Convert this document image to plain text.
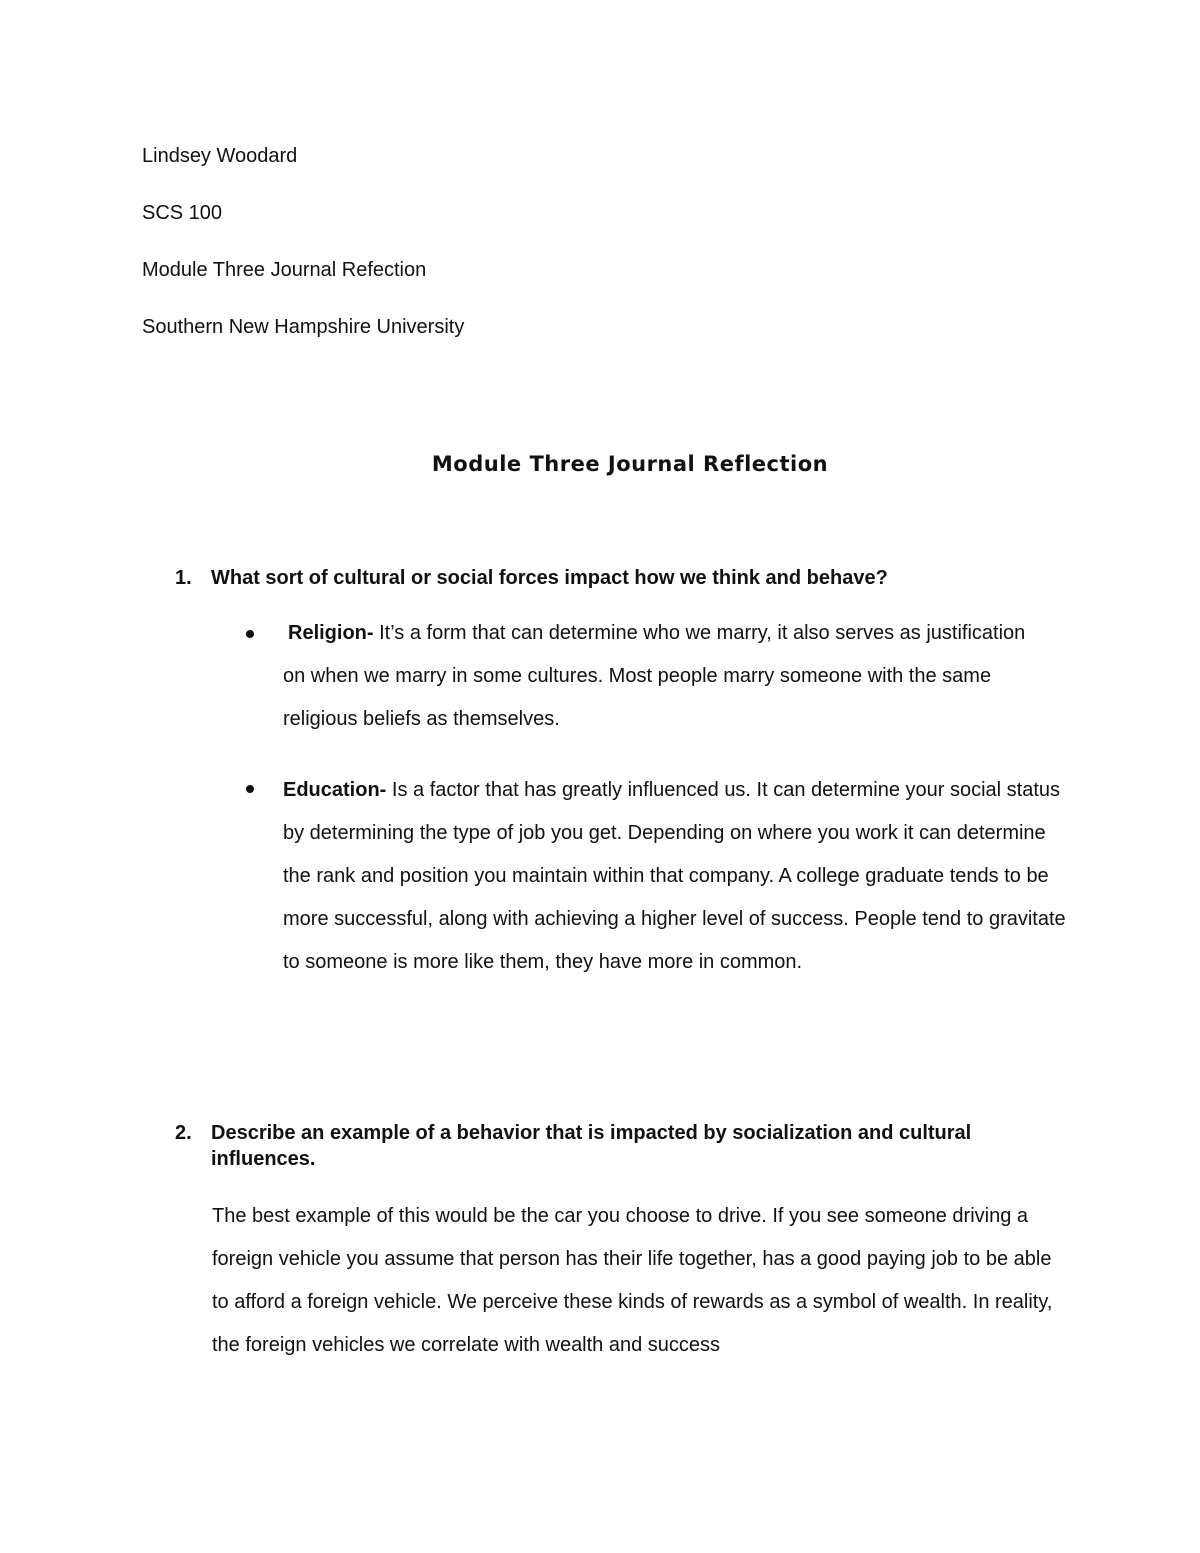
Lindsey Woodard
SCS 100
Module Three Journal Refection
Southern New Hampshire University
Module Three Journal Reflection
1. What sort of cultural or social forces impact how we think and behave?
Religion- It’s a form that can determine who we marry, it also serves as justification on when we marry in some cultures. Most people marry someone with the same religious beliefs as themselves.
Education- Is a factor that has greatly influenced us. It can determine your social status by determining the type of job you get. Depending on where you work it can determine the rank and position you maintain within that company. A college graduate tends to be more successful, along with achieving a higher level of success. People tend to gravitate to someone is more like them, they have more in common.
2. Describe an example of a behavior that is impacted by socialization and cultural influences.
The best example of this would be the car you choose to drive. If you see someone driving a foreign vehicle you assume that person has their life together, has a good paying job to be able to afford a foreign vehicle. We perceive these kinds of rewards as a symbol of wealth. In reality, the foreign vehicles we correlate with wealth and success
